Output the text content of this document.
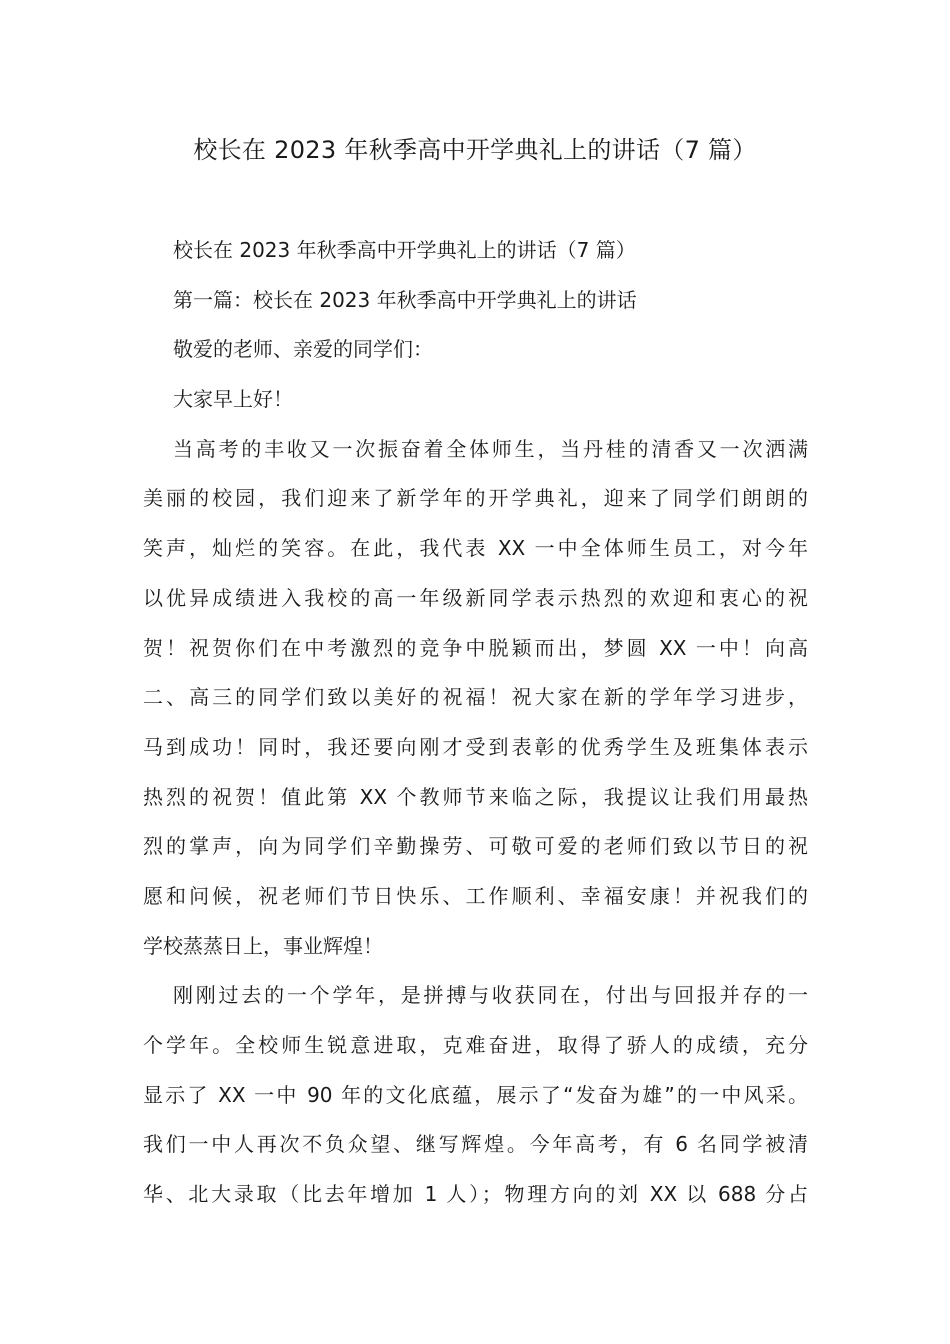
校长在 2023 年秋季高中开学典礼上的讲话（7 篇）
校长在 2023 年秋季高中开学典礼上的讲话（7 篇）
第一篇：校长在 2023 年秋季高中开学典礼上的讲话
敬爱的老师、亲爱的同学们：
大家早上好！
当高考的丰收又一次振奋着全体师生，当丹桂的清香又一次洒满
美丽的校园，我们迎来了新学年的开学典礼，迎来了同学们朗朗的
笑声，灿烂的笑容。在此，我代表 XX 一中全体师生员工，对今年
以优异成绩进入我校的高一年级新同学表示热烈的欢迎和衷心的祝
贺！祝贺你们在中考激烈的竞争中脱颖而出，梦圆 XX 一中！向高
二、高三的同学们致以美好的祝福！祝大家在新的学年学习进步，
马到成功！同时，我还要向刚才受到表彰的优秀学生及班集体表示
热烈的祝贺！值此第 XX 个教师节来临之际，我提议让我们用最热
烈的掌声，向为同学们辛勤操劳、可敬可爱的老师们致以节日的祝
愿和问候，祝老师们节日快乐、工作顺利、幸福安康！并祝我们的
学校蒸蒸日上，事业辉煌！
刚刚过去的一个学年，是拼搏与收获同在，付出与回报并存的一
个学年。全校师生锐意进取，克难奋进，取得了骄人的成绩，充分
显示了 XX 一中 90 年的文化底蕴，展示了“发奋为雄”的一中风采。
我们一中人再次不负众望、继写辉煌。今年高考，有 6 名同学被清
华、北大录取（比去年增加 1 人）；物理方向的刘 XX 以 688 分占
